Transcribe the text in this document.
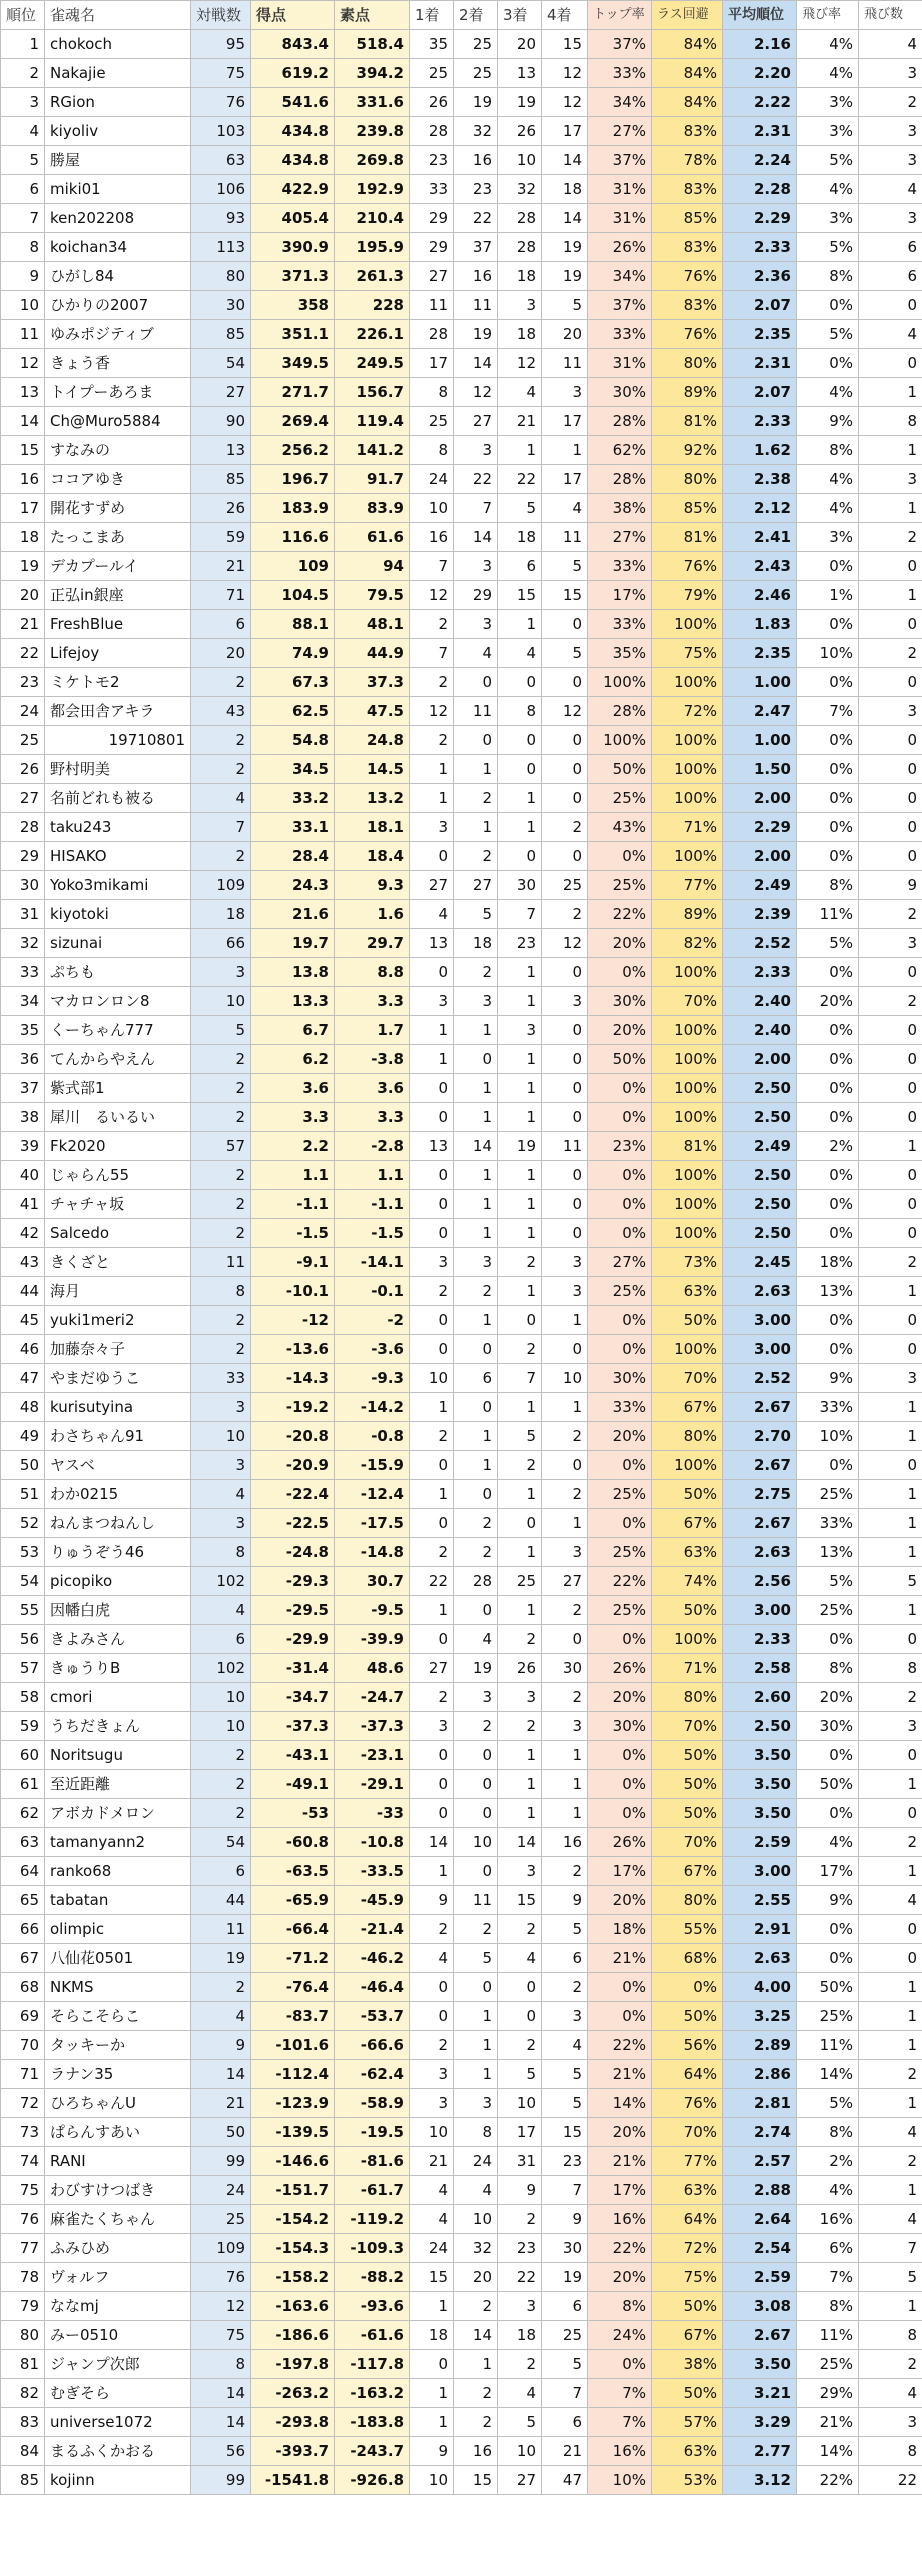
順位	雀魂名	対戦数	得点	素点	1着	2着	3着	4着	トップ率	ラス回避	平均順位	飛び率	飛び数
1	chokoch	95	843.4	518.4	35	25	20	15	37%	84%	2.16	4%	4
2	Nakajie	75	619.2	394.2	25	25	13	12	33%	84%	2.20	4%	3
3	RGion	76	541.6	331.6	26	19	19	12	34%	84%	2.22	3%	2
4	kiyoliv	103	434.8	239.8	28	32	26	17	27%	83%	2.31	3%	3
5	勝屋	63	434.8	269.8	23	16	10	14	37%	78%	2.24	5%	3
6	miki01	106	422.9	192.9	33	23	32	18	31%	83%	2.28	4%	4
7	ken202208	93	405.4	210.4	29	22	28	14	31%	85%	2.29	3%	3
8	koichan34	113	390.9	195.9	29	37	28	19	26%	83%	2.33	5%	6
9	ひがし84	80	371.3	261.3	27	16	18	19	34%	76%	2.36	8%	6
10	ひかりの2007	30	358	228	11	11	3	5	37%	83%	2.07	0%	0
11	ゆみポジティブ	85	351.1	226.1	28	19	18	20	33%	76%	2.35	5%	4
12	きょう香	54	349.5	249.5	17	14	12	11	31%	80%	2.31	0%	0
13	トイプーあろま	27	271.7	156.7	8	12	4	3	30%	89%	2.07	4%	1
14	Ch@Muro5884	90	269.4	119.4	25	27	21	17	28%	81%	2.33	9%	8
15	すなみの	13	256.2	141.2	8	3	1	1	62%	92%	1.62	8%	1
16	ココアゆき	85	196.7	91.7	24	22	22	17	28%	80%	2.38	4%	3
17	開花すずめ	26	183.9	83.9	10	7	5	4	38%	85%	2.12	4%	1
18	たっこまあ	59	116.6	61.6	16	14	18	11	27%	81%	2.41	3%	2
19	デカプールイ	21	109	94	7	3	6	5	33%	76%	2.43	0%	0
20	正弘in銀座	71	104.5	79.5	12	29	15	15	17%	79%	2.46	1%	1
21	FreshBlue	6	88.1	48.1	2	3	1	0	33%	100%	1.83	0%	0
22	Lifejoy	20	74.9	44.9	7	4	4	5	35%	75%	2.35	10%	2
23	ミケトモ2	2	67.3	37.3	2	0	0	0	100%	100%	1.00	0%	0
24	都会田舎アキラ	43	62.5	47.5	12	11	8	12	28%	72%	2.47	7%	3
25	19710801	2	54.8	24.8	2	0	0	0	100%	100%	1.00	0%	0
26	野村明美	2	34.5	14.5	1	1	0	0	50%	100%	1.50	0%	0
27	名前どれも被る	4	33.2	13.2	1	2	1	0	25%	100%	2.00	0%	0
28	taku243	7	33.1	18.1	3	1	1	2	43%	71%	2.29	0%	0
29	HISAKO	2	28.4	18.4	0	2	0	0	0%	100%	2.00	0%	0
30	Yoko3mikami	109	24.3	9.3	27	27	30	25	25%	77%	2.49	8%	9
31	kiyotoki	18	21.6	1.6	4	5	7	2	22%	89%	2.39	11%	2
32	sizunai	66	19.7	29.7	13	18	23	12	20%	82%	2.52	5%	3
33	ぷちも	3	13.8	8.8	0	2	1	0	0%	100%	2.33	0%	0
34	マカロンロン8	10	13.3	3.3	3	3	1	3	30%	70%	2.40	20%	2
35	くーちゃん777	5	6.7	1.7	1	1	3	0	20%	100%	2.40	0%	0
36	てんからやえん	2	6.2	-3.8	1	0	1	0	50%	100%	2.00	0%	0
37	紫式部1	2	3.6	3.6	0	1	1	0	0%	100%	2.50	0%	0
38	犀川　るいるい	2	3.3	3.3	0	1	1	0	0%	100%	2.50	0%	0
39	Fk2020	57	2.2	-2.8	13	14	19	11	23%	81%	2.49	2%	1
40	じゃらん55	2	1.1	1.1	0	1	1	0	0%	100%	2.50	0%	0
41	チャチャ坂	2	-1.1	-1.1	0	1	1	0	0%	100%	2.50	0%	0
42	Salcedo	2	-1.5	-1.5	0	1	1	0	0%	100%	2.50	0%	0
43	きくざと	11	-9.1	-14.1	3	3	2	3	27%	73%	2.45	18%	2
44	海月	8	-10.1	-0.1	2	2	1	3	25%	63%	2.63	13%	1
45	yuki1meri2	2	-12	-2	0	1	0	1	0%	50%	3.00	0%	0
46	加藤奈々子	2	-13.6	-3.6	0	0	2	0	0%	100%	3.00	0%	0
47	やまだゆうこ	33	-14.3	-9.3	10	6	7	10	30%	70%	2.52	9%	3
48	kurisutyina	3	-19.2	-14.2	1	0	1	1	33%	67%	2.67	33%	1
49	わさちゃん91	10	-20.8	-0.8	2	1	5	2	20%	80%	2.70	10%	1
50	ヤスベ	3	-20.9	-15.9	0	1	2	0	0%	100%	2.67	0%	0
51	わか0215	4	-22.4	-12.4	1	0	1	2	25%	50%	2.75	25%	1
52	ねんまつねんし	3	-22.5	-17.5	0	2	0	1	0%	67%	2.67	33%	1
53	りゅうぞう46	8	-24.8	-14.8	2	2	1	3	25%	63%	2.63	13%	1
54	picopiko	102	-29.3	30.7	22	28	25	27	22%	74%	2.56	5%	5
55	因幡白虎	4	-29.5	-9.5	1	0	1	2	25%	50%	3.00	25%	1
56	きよみさん	6	-29.9	-39.9	0	4	2	0	0%	100%	2.33	0%	0
57	きゅうりB	102	-31.4	48.6	27	19	26	30	26%	71%	2.58	8%	8
58	cmori	10	-34.7	-24.7	2	3	3	2	20%	80%	2.60	20%	2
59	うちだきょん	10	-37.3	-37.3	3	2	2	3	30%	70%	2.50	30%	3
60	Noritsugu	2	-43.1	-23.1	0	0	1	1	0%	50%	3.50	0%	0
61	至近距離	2	-49.1	-29.1	0	0	1	1	0%	50%	3.50	50%	1
62	アボカドメロン	2	-53	-33	0	0	1	1	0%	50%	3.50	0%	0
63	tamanyann2	54	-60.8	-10.8	14	10	14	16	26%	70%	2.59	4%	2
64	ranko68	6	-63.5	-33.5	1	0	3	2	17%	67%	3.00	17%	1
65	tabatan	44	-65.9	-45.9	9	11	15	9	20%	80%	2.55	9%	4
66	olimpic	11	-66.4	-21.4	2	2	2	5	18%	55%	2.91	0%	0
67	八仙花0501	19	-71.2	-46.2	4	5	4	6	21%	68%	2.63	0%	0
68	NKMS	2	-76.4	-46.4	0	0	0	2	0%	0%	4.00	50%	1
69	そらこそらこ	4	-83.7	-53.7	0	1	0	3	0%	50%	3.25	25%	1
70	タッキーか	9	-101.6	-66.6	2	1	2	4	22%	56%	2.89	11%	1
71	ラナン35	14	-112.4	-62.4	3	1	5	5	21%	64%	2.86	14%	2
72	ひろちゃんU	21	-123.9	-58.9	3	3	10	5	14%	76%	2.81	5%	1
73	ぱらんすあい	50	-139.5	-19.5	10	8	17	15	20%	70%	2.74	8%	4
74	RANI	99	-146.6	-81.6	21	24	31	23	21%	77%	2.57	2%	2
75	わびすけつばき	24	-151.7	-61.7	4	4	9	7	17%	63%	2.88	4%	1
76	麻雀たくちゃん	25	-154.2	-119.2	4	10	2	9	16%	64%	2.64	16%	4
77	ふみひめ	109	-154.3	-109.3	24	32	23	30	22%	72%	2.54	6%	7
78	ヴォルフ	76	-158.2	-88.2	15	20	22	19	20%	75%	2.59	7%	5
79	ななmj	12	-163.6	-93.6	1	2	3	6	8%	50%	3.08	8%	1
80	みー0510	75	-186.6	-61.6	18	14	18	25	24%	67%	2.67	11%	8
81	ジャンプ次郎	8	-197.8	-117.8	0	1	2	5	0%	38%	3.50	25%	2
82	むぎそら	14	-263.2	-163.2	1	2	4	7	7%	50%	3.21	29%	4
83	universe1072	14	-293.8	-183.8	1	2	5	6	7%	57%	3.29	21%	3
84	まるふくかおる	56	-393.7	-243.7	9	16	10	21	16%	63%	2.77	14%	8
85	kojinn	99	-1541.8	-926.8	10	15	27	47	10%	53%	3.12	22%	22
